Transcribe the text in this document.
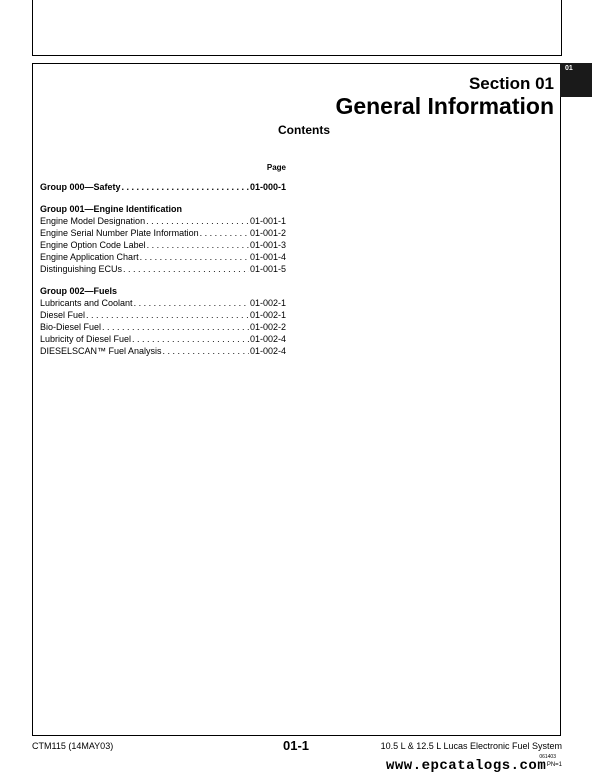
01
Section 01
General Information
Contents
Page
Group 000—Safety . . .	01-000-1
Group 001—Engine Identification
Engine Model Designation . . .	01-001-1
Engine Serial Number Plate Information . . .	01-001-2
Engine Option Code Label . . .	01-001-3
Engine Application Chart . . .	01-001-4
Distinguishing ECUs . . .	01-001-5
Group 002—Fuels
Lubricants and Coolant . . .	01-002-1
Diesel Fuel . . .	01-002-1
Bio-Diesel Fuel . . .	01-002-2
Lubricity of Diesel Fuel . . .	01-002-4
DIESELSCAN™ Fuel Analysis . . .	01-002-4
CTM115 (14MAY03)	01-1	10.5 L & 12.5 L Lucas Electronic Fuel System
061403
PN=1
www.epcatalogs.com
